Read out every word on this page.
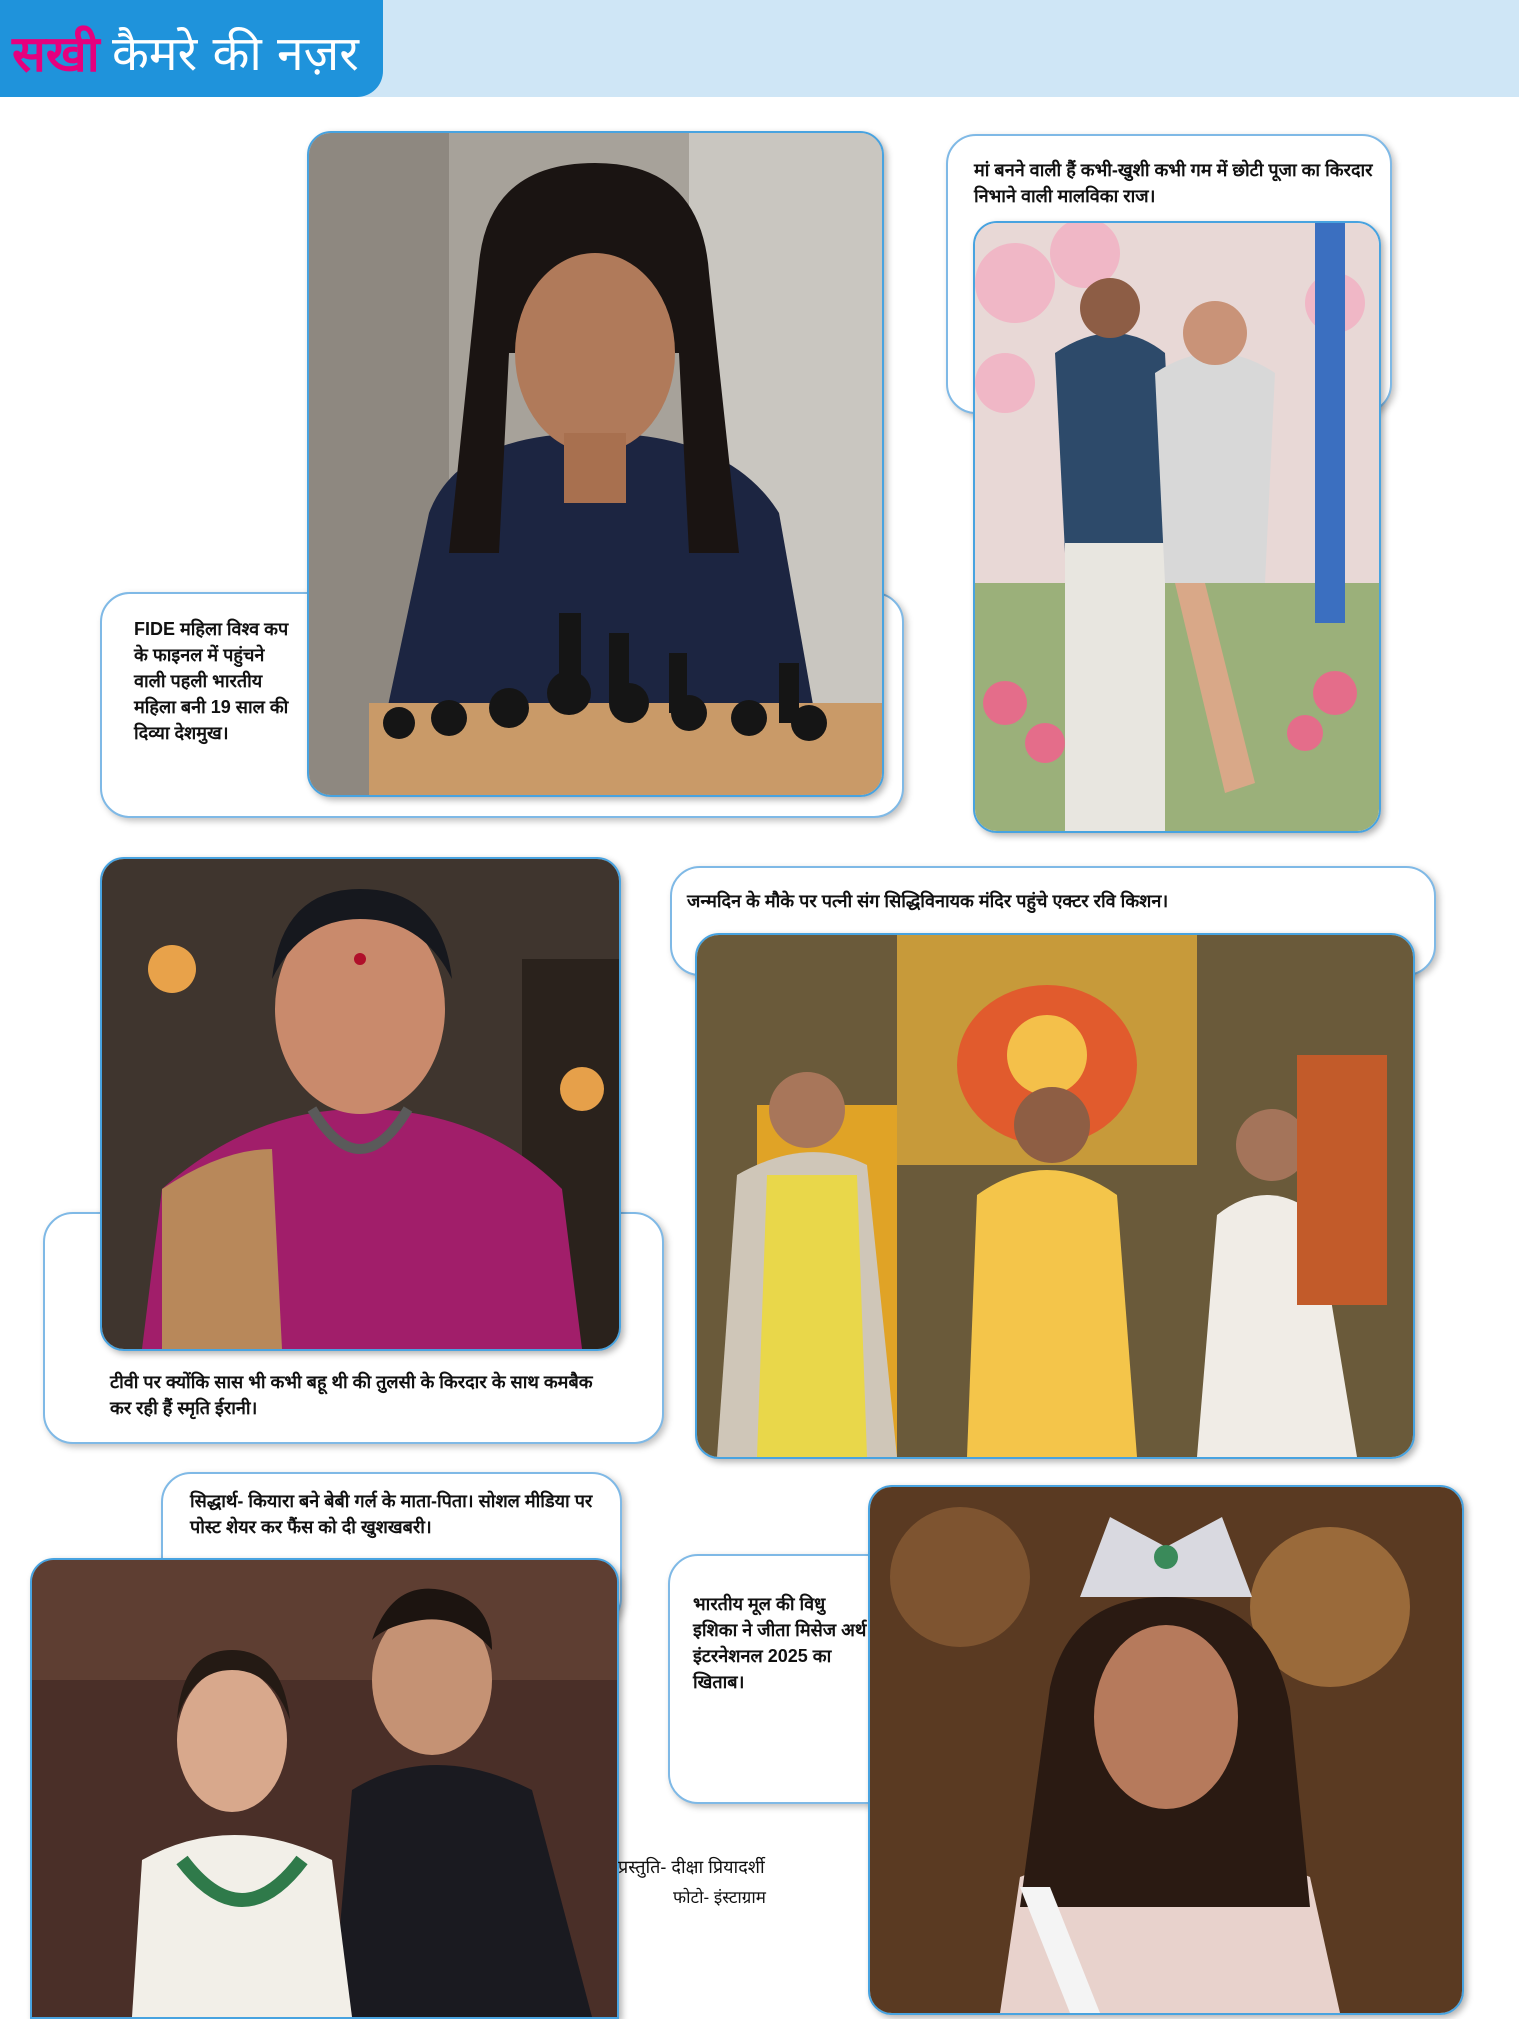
सखी कैमरे की नज़र
FIDE महिला विश्व कप के फाइनल में पहुंचने वाली पहली भारतीय महिला बनी 19 साल की दिव्या देशमुख।
मां बनने वाली हैं कभी-खुशी कभी गम में छोटी पूजा का किरदार निभाने वाली मालविका राज।
टीवी पर क्योंकि सास भी कभी बहू थी की तुलसी के किरदार के साथ कमबैक कर रही हैं स्मृति ईरानी।
जन्मदिन के मौके पर पत्नी संग सिद्धिविनायक मंदिर पहुंचे एक्टर रवि किशन।
सिद्धार्थ- कियारा बने बेबी गर्ल के माता-पिता। सोशल मीडिया पर पोस्ट शेयर कर फैंस को दी खुशखबरी।
प्रस्तुति- दीक्षा प्रियादर्शी
फोटो- इंस्टाग्राम
भारतीय मूल की विधु इशिका ने जीता मिसेज अर्थ इंटरनेशनल 2025 का खिताब।
